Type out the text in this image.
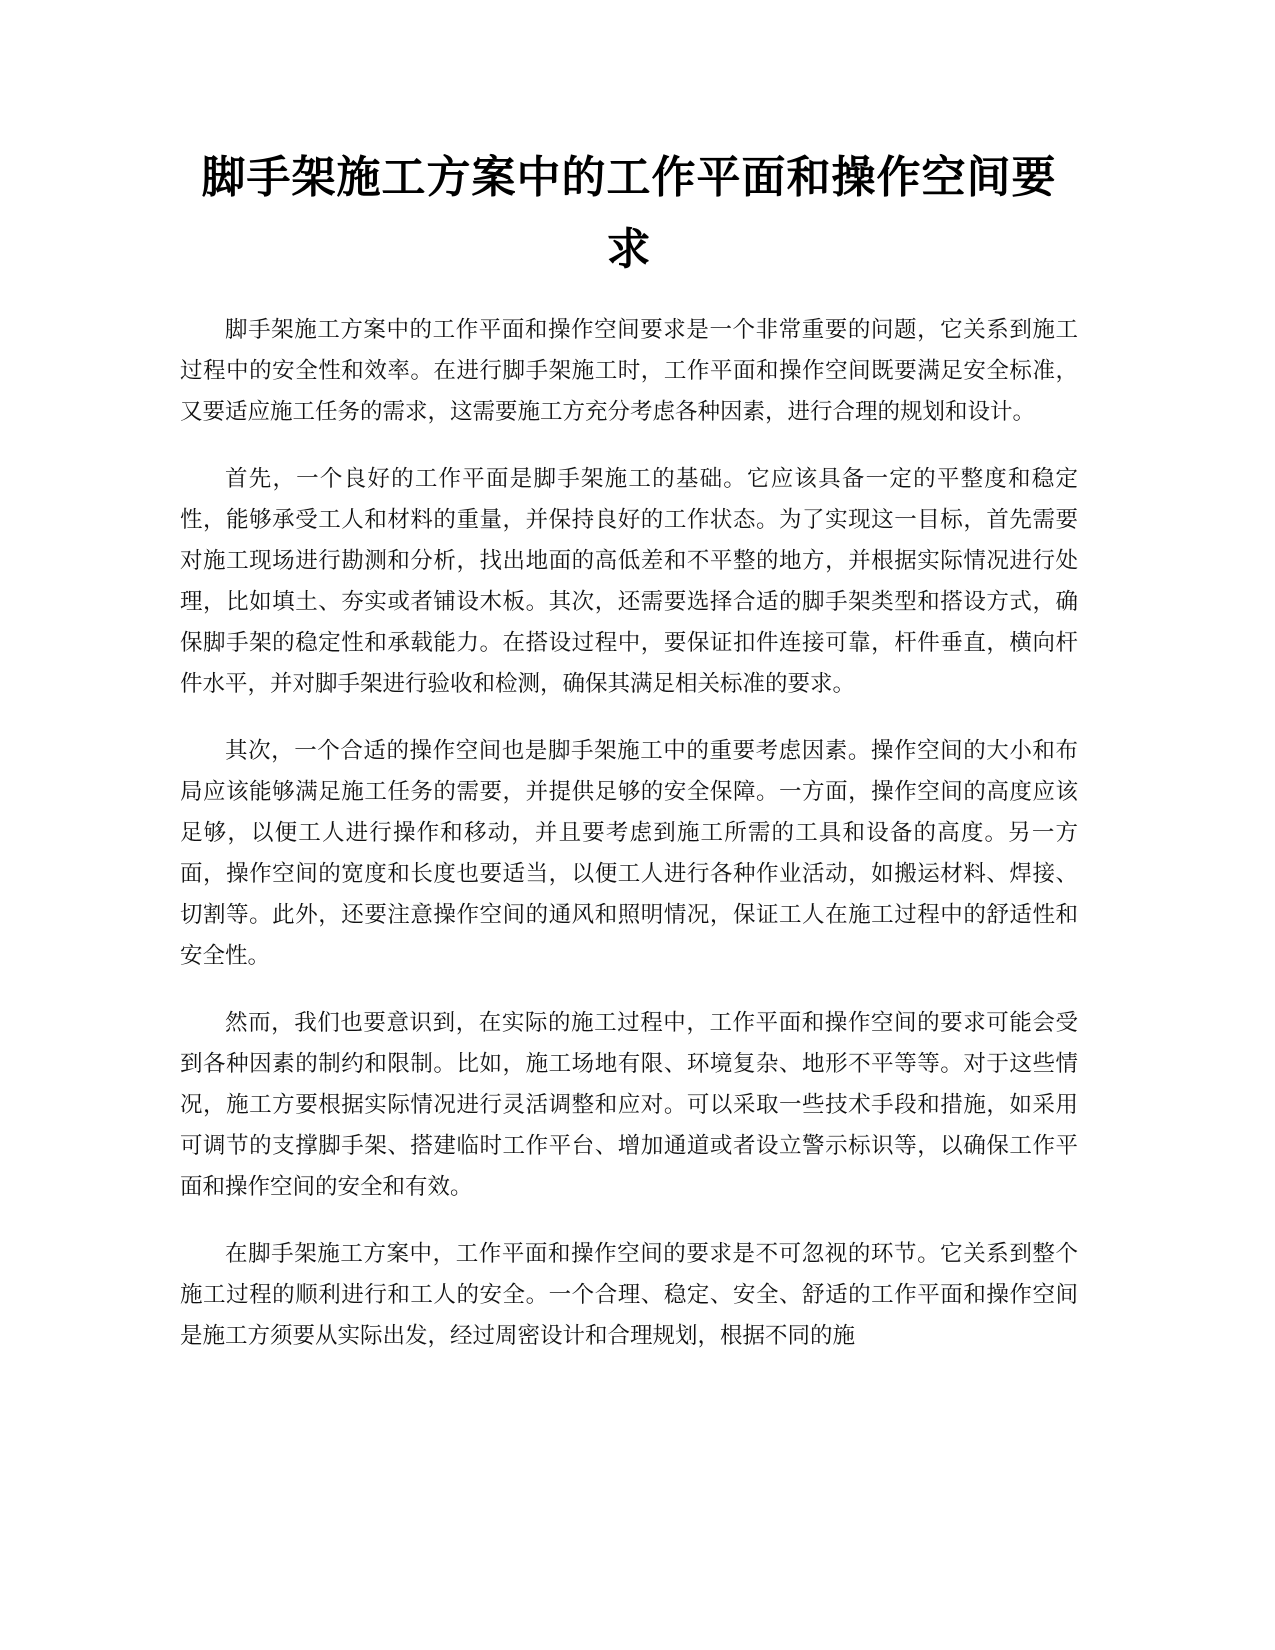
脚手架施工方案中的工作平面和操作空间要求

脚手架施工方案中的工作平面和操作空间要求是一个非常重要的问题，它关系到施工过程中的安全性和效率。在进行脚手架施工时，工作平面和操作空间既要满足安全标准，又要适应施工任务的需求，这需要施工方充分考虑各种因素，进行合理的规划和设计。

首先，一个良好的工作平面是脚手架施工的基础。它应该具备一定的平整度和稳定性，能够承受工人和材料的重量，并保持良好的工作状态。为了实现这一目标，首先需要对施工现场进行勘测和分析，找出地面的高低差和不平整的地方，并根据实际情况进行处理，比如填土、夯实或者铺设木板。其次，还需要选择合适的脚手架类型和搭设方式，确保脚手架的稳定性和承载能力。在搭设过程中，要保证扣件连接可靠，杆件垂直，横向杆件水平，并对脚手架进行验收和检测，确保其满足相关标准的要求。

其次，一个合适的操作空间也是脚手架施工中的重要考虑因素。操作空间的大小和布局应该能够满足施工任务的需要，并提供足够的安全保障。一方面，操作空间的高度应该足够，以便工人进行操作和移动，并且要考虑到施工所需的工具和设备的高度。另一方面，操作空间的宽度和长度也要适当，以便工人进行各种作业活动，如搬运材料、焊接、切割等。此外，还要注意操作空间的通风和照明情况，保证工人在施工过程中的舒适性和安全性。

然而，我们也要意识到，在实际的施工过程中，工作平面和操作空间的要求可能会受到各种因素的制约和限制。比如，施工场地有限、环境复杂、地形不平等等。对于这些情况，施工方要根据实际情况进行灵活调整和应对。可以采取一些技术手段和措施，如采用可调节的支撑脚手架、搭建临时工作平台、增加通道或者设立警示标识等，以确保工作平面和操作空间的安全和有效。

在脚手架施工方案中，工作平面和操作空间的要求是不可忽视的环节。它关系到整个施工过程的顺利进行和工人的安全。一个合理、稳定、安全、舒适的工作平面和操作空间是施工方须要从实际出发，经过周密设计和合理规划，根据不同的施
